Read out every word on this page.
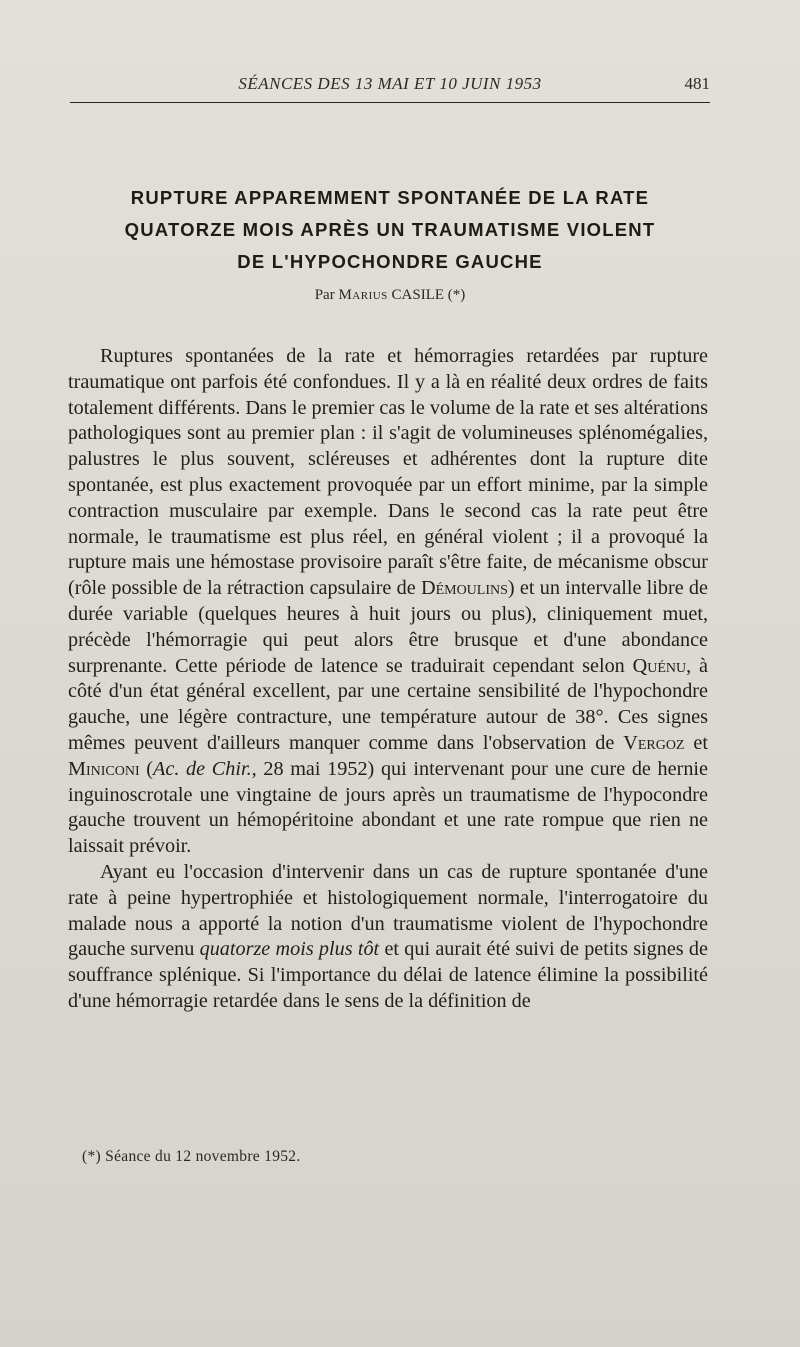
SÉANCES DES 13 MAI ET 10 JUIN 1953	481
RUPTURE APPAREMMENT SPONTANÉE DE LA RATE
QUATORZE MOIS APRÈS UN TRAUMATISME VIOLENT
DE L'HYPOCHONDRE GAUCHE
Par Marius CASILE (*)

Ruptures spontanées de la rate et hémorragies retardées par rupture traumatique ont parfois été confondues. Il y a là en réalité deux ordres de faits totalement différents. Dans le premier cas le volume de la rate et ses altérations pathologiques sont au premier plan : il s'agit de volumineuses splénomégalies, palustres le plus souvent, scléreuses et adhérentes dont la rupture dite spontanée, est plus exactement provoquée par un effort minime, par la simple contraction musculaire par exemple. Dans le second cas la rate peut être normale, le traumatisme est plus réel, en général violent ; il a provoqué la rupture mais une hémostase provisoire paraît s'être faite, de mécanisme obscur (rôle possible de la rétraction capsulaire de Démoulins) et un intervalle libre de durée variable (quelques heures à huit jours ou plus), cliniquement muet, précède l'hémorragie qui peut alors être brusque et d'une abondance surprenante. Cette période de latence se traduirait cependant selon Quénu, à côté d'un état général excellent, par une certaine sensibilité de l'hypochondre gauche, une légère contracture, une température autour de 38°. Ces signes mêmes peuvent d'ailleurs manquer comme dans l'observation de Vergoz et Miniconi (Ac. de Chir., 28 mai 1952) qui intervenant pour une cure de hernie inguinoscrotale une vingtaine de jours après un traumatisme de l'hypocondre gauche trouvent un hémopéritoine abondant et une rate rompue que rien ne laissait prévoir.

Ayant eu l'occasion d'intervenir dans un cas de rupture spontanée d'une rate à peine hypertrophiée et histologiquement normale, l'interrogatoire du malade nous a apporté la notion d'un traumatisme violent de l'hypochondre gauche survenu quatorze mois plus tôt et qui aurait été suivi de petits signes de souffrance splénique. Si l'importance du délai de latence élimine la possibilité d'une hémorragie retardée dans le sens de la définition de

(*) Séance du 12 novembre 1952.
